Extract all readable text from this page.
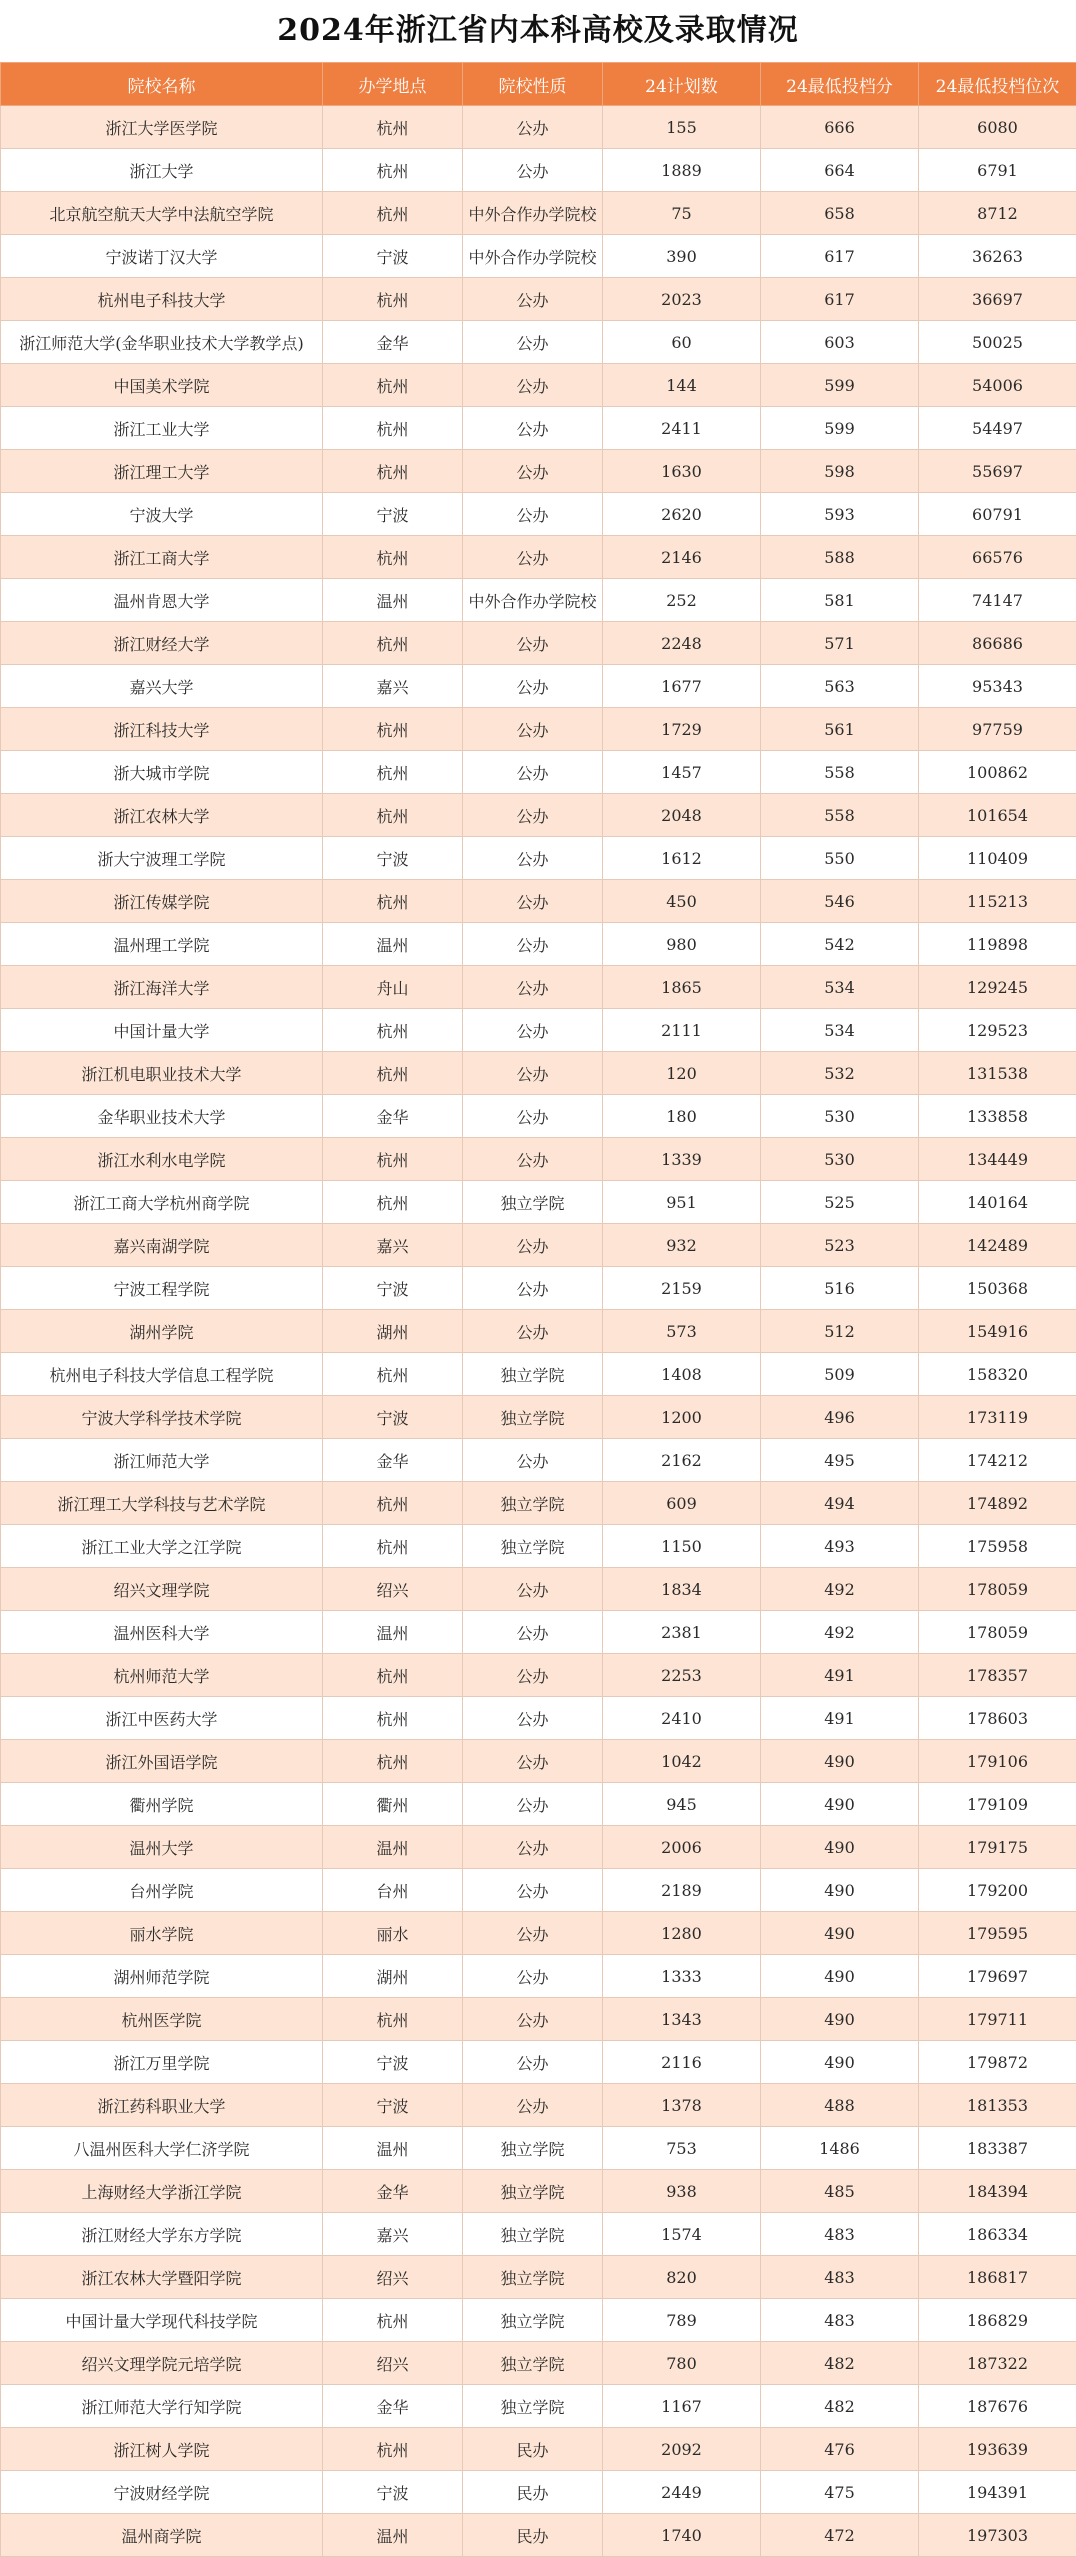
2024年浙江省内本科高校及录取情况
院校名称	办学地点	院校性质	24计划数	24最低投档分	24最低投档位次
浙江大学医学院	杭州	公办	155	666	6080
浙江大学	杭州	公办	1889	664	6791
北京航空航天大学中法航空学院	杭州	中外合作办学院校	75	658	8712
宁波诺丁汉大学	宁波	中外合作办学院校	390	617	36263
杭州电子科技大学	杭州	公办	2023	617	36697
浙江师范大学(金华职业技术大学教学点)	金华	公办	60	603	50025
中国美术学院	杭州	公办	144	599	54006
浙江工业大学	杭州	公办	2411	599	54497
浙江理工大学	杭州	公办	1630	598	55697
宁波大学	宁波	公办	2620	593	60791
浙江工商大学	杭州	公办	2146	588	66576
温州肯恩大学	温州	中外合作办学院校	252	581	74147
浙江财经大学	杭州	公办	2248	571	86686
嘉兴大学	嘉兴	公办	1677	563	95343
浙江科技大学	杭州	公办	1729	561	97759
浙大城市学院	杭州	公办	1457	558	100862
浙江农林大学	杭州	公办	2048	558	101654
浙大宁波理工学院	宁波	公办	1612	550	110409
浙江传媒学院	杭州	公办	450	546	115213
温州理工学院	温州	公办	980	542	119898
浙江海洋大学	舟山	公办	1865	534	129245
中国计量大学	杭州	公办	2111	534	129523
浙江机电职业技术大学	杭州	公办	120	532	131538
金华职业技术大学	金华	公办	180	530	133858
浙江水利水电学院	杭州	公办	1339	530	134449
浙江工商大学杭州商学院	杭州	独立学院	951	525	140164
嘉兴南湖学院	嘉兴	公办	932	523	142489
宁波工程学院	宁波	公办	2159	516	150368
湖州学院	湖州	公办	573	512	154916
杭州电子科技大学信息工程学院	杭州	独立学院	1408	509	158320
宁波大学科学技术学院	宁波	独立学院	1200	496	173119
浙江师范大学	金华	公办	2162	495	174212
浙江理工大学科技与艺术学院	杭州	独立学院	609	494	174892
浙江工业大学之江学院	杭州	独立学院	1150	493	175958
绍兴文理学院	绍兴	公办	1834	492	178059
温州医科大学	温州	公办	2381	492	178059
杭州师范大学	杭州	公办	2253	491	178357
浙江中医药大学	杭州	公办	2410	491	178603
浙江外国语学院	杭州	公办	1042	490	179106
衢州学院	衢州	公办	945	490	179109
温州大学	温州	公办	2006	490	179175
台州学院	台州	公办	2189	490	179200
丽水学院	丽水	公办	1280	490	179595
湖州师范学院	湖州	公办	1333	490	179697
杭州医学院	杭州	公办	1343	490	179711
浙江万里学院	宁波	公办	2116	490	179872
浙江药科职业大学	宁波	公办	1378	488	181353
八温州医科大学仁济学院	温州	独立学院	753	1486	183387
上海财经大学浙江学院	金华	独立学院	938	485	184394
浙江财经大学东方学院	嘉兴	独立学院	1574	483	186334
浙江农林大学暨阳学院	绍兴	独立学院	820	483	186817
中国计量大学现代科技学院	杭州	独立学院	789	483	186829
绍兴文理学院元培学院	绍兴	独立学院	780	482	187322
浙江师范大学行知学院	金华	独立学院	1167	482	187676
浙江树人学院	杭州	民办	2092	476	193639
宁波财经学院	宁波	民办	2449	475	194391
温州商学院	温州	民办	1740	472	197303
